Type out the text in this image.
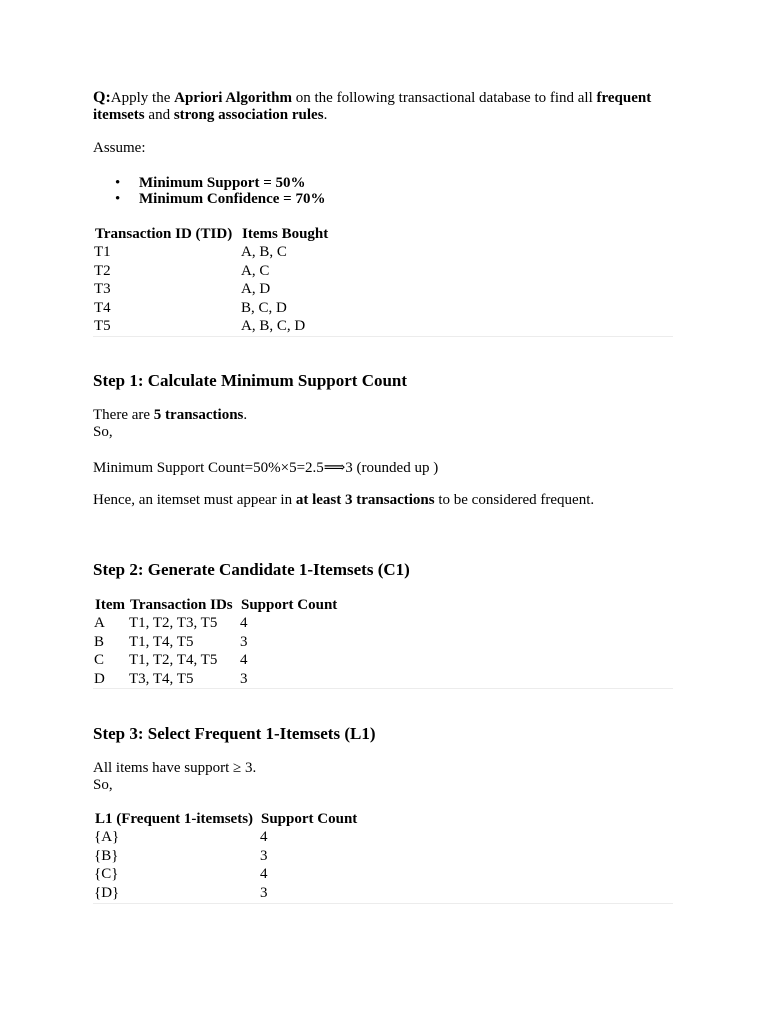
Q:Apply the Apriori Algorithm on the following transactional database to find all frequent
itemsets and strong association rules.
Assume:
• Minimum Support = 50%
• Minimum Confidence = 70%
Transaction ID (TID)	Items Bought
T1	A, B, C
T2	A, C
T3	A, D
T4	B, C, D
T5	A, B, C, D
Step 1: Calculate Minimum Support Count
There are 5 transactions.
So,
Minimum Support Count=50%×5=2.5⟹3 (rounded up )
Hence, an itemset must appear in at least 3 transactions to be considered frequent.
Step 2: Generate Candidate 1-Itemsets (C1)
Item	Transaction IDs	Support Count
A	T1, T2, T3, T5	4
B	T1, T4, T5	3
C	T1, T2, T4, T5	4
D	T3, T4, T5	3
Step 3: Select Frequent 1-Itemsets (L1)
All items have support ≥ 3.
So,
L1 (Frequent 1-itemsets)	Support Count
{A}	4
{B}	3
{C}	4
{D}	3
